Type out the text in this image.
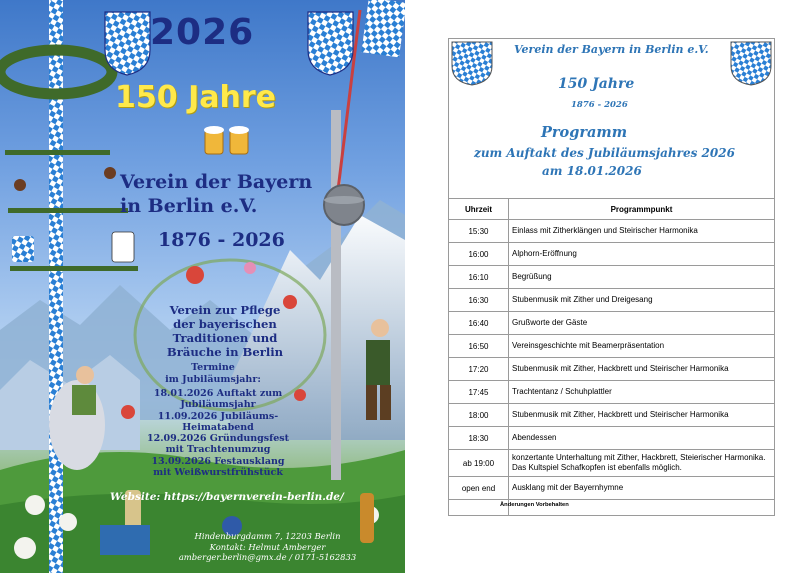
2026
150 Jahre
Verein der Bayern
in Berlin e.V.
1876 - 2026
Verein zur Pflege
der bayerischen
Traditionen und
Bräuche in Berlin
Termine
im Jubiläumsjahr:
18.01.2026 Auftakt zum
Jubiläumsjahr
11.09.2026 Jubiläums-
Heimatabend
12.09.2026 Gründungsfest
mit Trachtenumzug
13.09.2026 Festausklang
mit Weißwurstfrühstück
Website: https://bayernverein-berlin.de/
Hindenburgdamm 7, 12203 Berlin
Kontakt: Helmut Amberger
amberger.berlin@gmx.de / 0171-5162833
Verein der Bayern in Berlin e.V.
150 Jahre
1876 - 2026
Programm
zum Auftakt des Jubiläumsjahres 2026
am 18.01.2026
Uhrzeit	Programmpunkt
15:30	Einlass mit Zitherklängen und Steirischer Harmonika
16:00	Alphorn-Eröffnung
16:10	Begrüßung
16:30	Stubenmusik mit Zither und Dreigesang
16:40	Grußworte der Gäste
16:50	Vereinsgeschichte mit Beamerpräsentation
17:20	Stubenmusik mit Zither, Hackbrett und Steirischer Harmonika
17:45	Trachtentanz / Schuhplattler
18:00	Stubenmusik mit Zither, Hackbrett und Steirischer Harmonika
18:30	Abendessen
ab 19:00	konzertante Unterhaltung mit Zither, Hackbrett, Steierischer Harmonika. Das Kultspiel Schafkopfen ist ebenfalls möglich.
open end	Ausklang mit der Bayernhymne

Änderungen Vorbehalten
